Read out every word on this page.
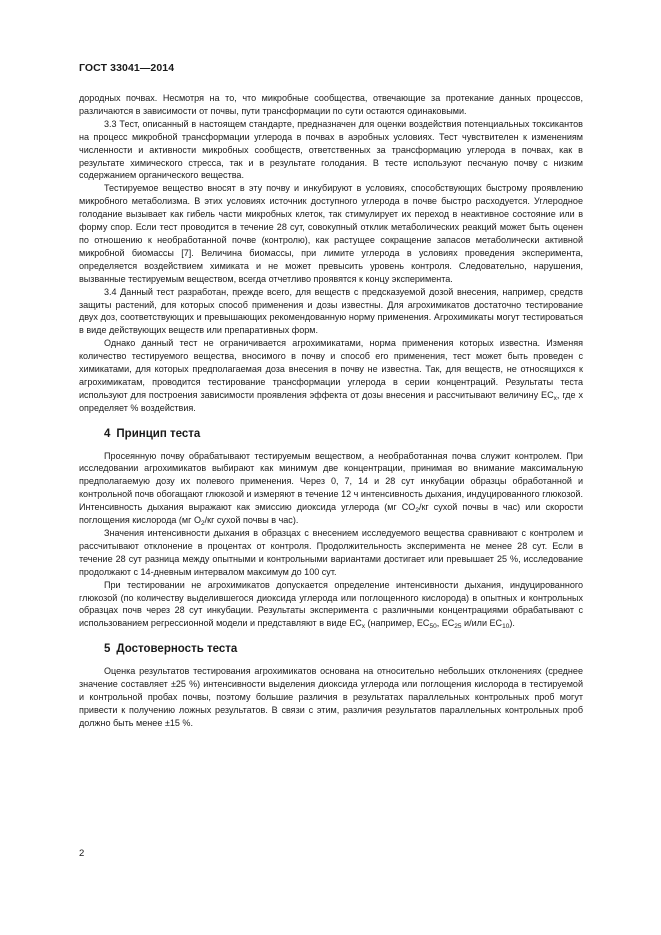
ГОСТ 33041—2014

дородных почвах. Несмотря на то, что микробные сообщества, отвечающие за протекание данных процессов, различаются в зависимости от почвы, пути трансформации по сути остаются одинаковыми.

3.3 Тест, описанный в настоящем стандарте, предназначен для оценки воздействия потенциальных токсикантов на процесс микробной трансформации углерода в почвах в аэробных условиях. Тест чувствителен к изменениям численности и активности микробных сообществ, ответственных за трансформацию углерода в почвах, как в результате химического стресса, так и в результате голодания. В тесте используют песчаную почву с низким содержанием органического вещества.

Тестируемое вещество вносят в эту почву и инкубируют в условиях, способствующих быстрому проявлению микробного метаболизма. В этих условиях источник доступного углерода в почве быстро расходуется. Углеродное голодание вызывает как гибель части микробных клеток, так стимулирует их переход в неактивное состояние или в форму спор. Если тест проводится в течение 28 сут, совокупный отклик метаболических реакций может быть оценен по отношению к необработанной почве (контролю), как растущее сокращение запасов метаболически активной микробной биомассы [7]. Величина биомассы, при лимите углерода в условиях проведения эксперимента, определяется воздействием химиката и не может превысить уровень контроля. Следовательно, нарушения, вызванные тестируемым веществом, всегда отчетливо проявятся к концу эксперимента.

3.4 Данный тест разработан, прежде всего, для веществ с предсказуемой дозой внесения, например, средств защиты растений, для которых способ применения и дозы известны. Для агрохимикатов достаточно тестирование двух доз, соответствующих и превышающих рекомендованную норму применения. Агрохимикаты могут тестироваться в виде действующих веществ или препаративных форм.

Однако данный тест не ограничивается агрохимикатами, норма применения которых известна. Изменяя количество тестируемого вещества, вносимого в почву и способ его применения, тест может быть проведен с химикатами, для которых предполагаемая доза внесения в почву не известна. Так, для веществ, не относящихся к агрохимикатам, проводится тестирование трансформации углерода в серии концентраций. Результаты теста используют для построения зависимости проявления эффекта от дозы внесения и рассчитывают величину $EC_x$, где x определяет % воздействия.

4 Принцип теста

Просеянную почву обрабатывают тестируемым веществом, а необработанная почва служит контролем. При исследовании агрохимикатов выбирают как минимум две концентрации, принимая во внимание максимальную предполагаемую дозу их полевого применения. Через 0, 7, 14 и 28 сут инкубации образцы обработанной и контрольной почв обогащают глюкозой и измеряют в течение 12 ч интенсивность дыхания, индуцированного глюкозой. Интенсивность дыхания выражают как эмиссию диоксида углерода (мг $CO_2/кг$ сухой почвы в час) или скорости поглощения кислорода (мг $O_2/кг$ сухой почвы в час).

Значения интенсивности дыхания в образцах с внесением исследуемого вещества сравнивают с контролем и рассчитывают отклонение в процентах от контроля. Продолжительность эксперимента не менее 28 сут. Если в течение 28 сут разница между опытными и контрольными вариантами достигает или превышает 25 %, исследование продолжают с 14-дневным интервалом максимум до 100 сут.

При тестировании не агрохимикатов допускается определение интенсивности дыхания, индуцированного глюкозой (по количеству выделившегося диоксида углерода или поглощенного кислорода) в опытных и контрольных образцах почв через 28 сут инкубации. Результаты эксперимента с различными концентрациями обрабатывают с использованием регрессионной модели и представляют в виде $EC_x$ (например, $EC_{50}$, $EC_{25}$ и/или $EC_{10}$).

5 Достоверность теста

Оценка результатов тестирования агрохимикатов основана на относительно небольших отклонениях (среднее значение составляет ±25 %) интенсивности выделения диоксида углерода или поглощения кислорода в тестируемой и контрольной пробах почвы, поэтому большие различия в результатах параллельных контрольных проб могут привести к получению ложных результатов. В связи с этим, различия результатов параллельных контрольных проб должно быть менее ±15 %.

2
